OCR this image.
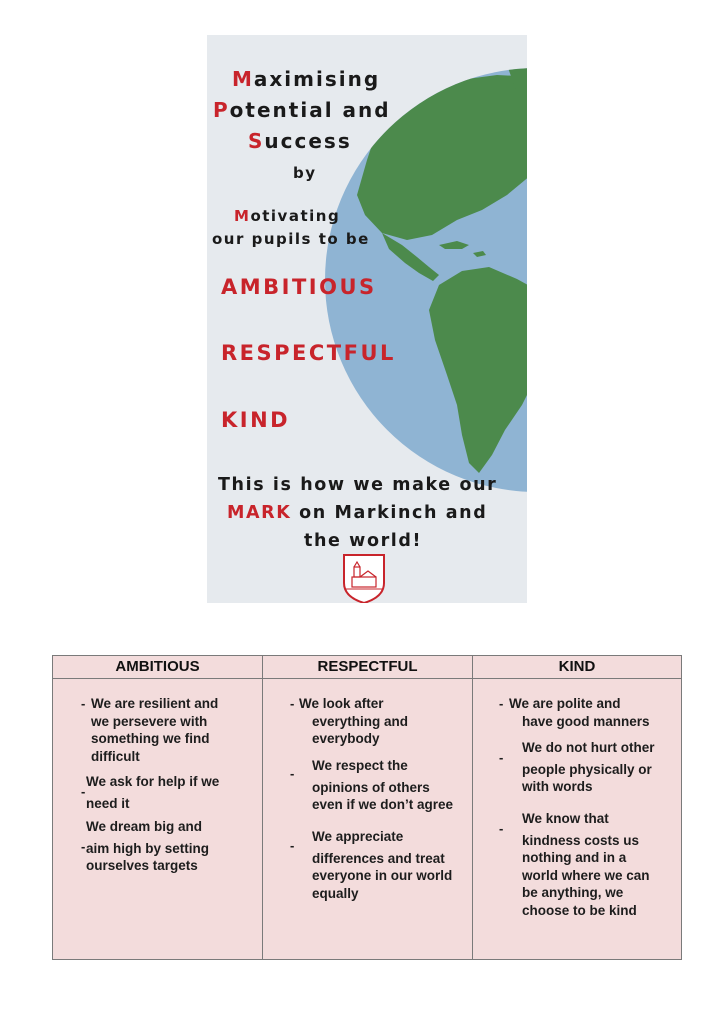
Maximising
Potential and
Success
by
Motivating
our pupils to be
AMBITIOUS
RESPECTFUL
KIND
This is how we make our
MARK on Markinch and
the world!
AMBITIOUS	RESPECTFUL	KIND
- We are resilient and
we persevere with
something we find
difficult
-
We ask for help if we
need it
-
We dream big and
aim high by setting
ourselves targets
- We look after
everything and
everybody
-
We respect the
opinions of others
even if we don’t agree
-
We appreciate
differences and treat
everyone in our world
equally
- We are polite and
have good manners
-
We do not hurt other
people physically or
with words
-
We know that
kindness costs us
nothing and in a
world where we can
be anything, we
choose to be kind
